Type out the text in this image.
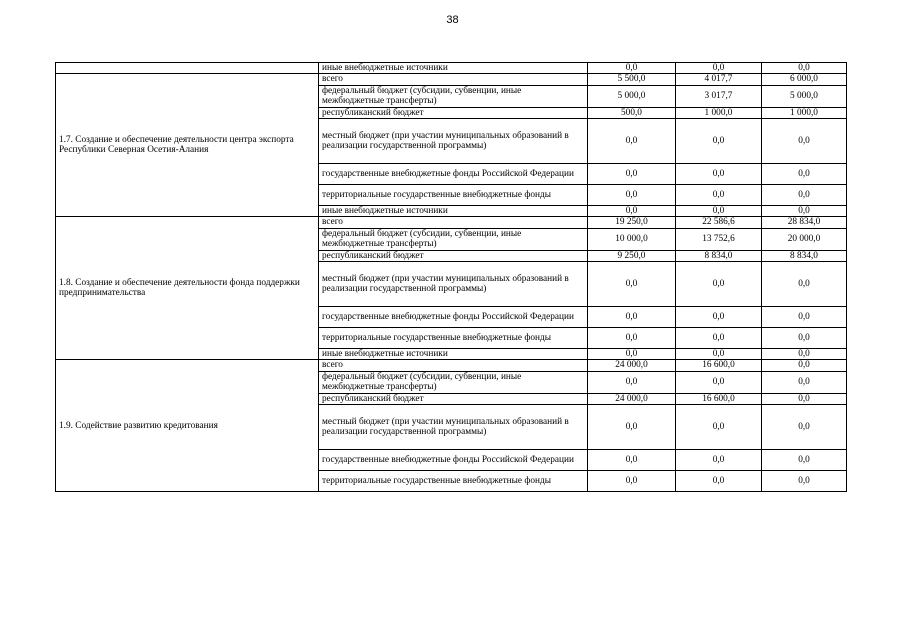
38
	иные внебюджетные источники	0,0	0,0	0,0
1.7. Создание и обеспечение деятельности центра экспорта Республики Северная Осетия-Алания	всего	5 500,0	4 017,7	6 000,0
	федеральный бюджет (субсидии, субвенции, иные межбюджетные трансферты)	5 000,0	3 017,7	5 000,0
	республиканский бюджет	500,0	1 000,0	1 000,0
	местный бюджет (при участии муниципальных образований в реализации государственной программы)	0,0	0,0	0,0
	государственные внебюджетные фонды Российской Федерации	0,0	0,0	0,0
	территориальные государственные внебюджетные фонды	0,0	0,0	0,0
	иные внебюджетные источники	0,0	0,0	0,0
1.8. Создание и обеспечение деятельности фонда поддержки предпринимательства	всего	19 250,0	22 586,6	28 834,0
	федеральный бюджет (субсидии, субвенции, иные межбюджетные трансферты)	10 000,0	13 752,6	20 000,0
	республиканский бюджет	9 250,0	8 834,0	8 834,0
	местный бюджет (при участии муниципальных образований в реализации государственной программы)	0,0	0,0	0,0
	государственные внебюджетные фонды Российской Федерации	0,0	0,0	0,0
	территориальные государственные внебюджетные фонды	0,0	0,0	0,0
	иные внебюджетные источники	0,0	0,0	0,0
1.9. Содействие развитию кредитования	всего	24 000,0	16 600,0	0,0
	федеральный бюджет (субсидии, субвенции, иные межбюджетные трансферты)	0,0	0,0	0,0
	республиканский бюджет	24 000,0	16 600,0	0,0
	местный бюджет (при участии муниципальных образований в реализации государственной программы)	0,0	0,0	0,0
	государственные внебюджетные фонды Российской Федерации	0,0	0,0	0,0
	территориальные государственные внебюджетные фонды	0,0	0,0	0,0
